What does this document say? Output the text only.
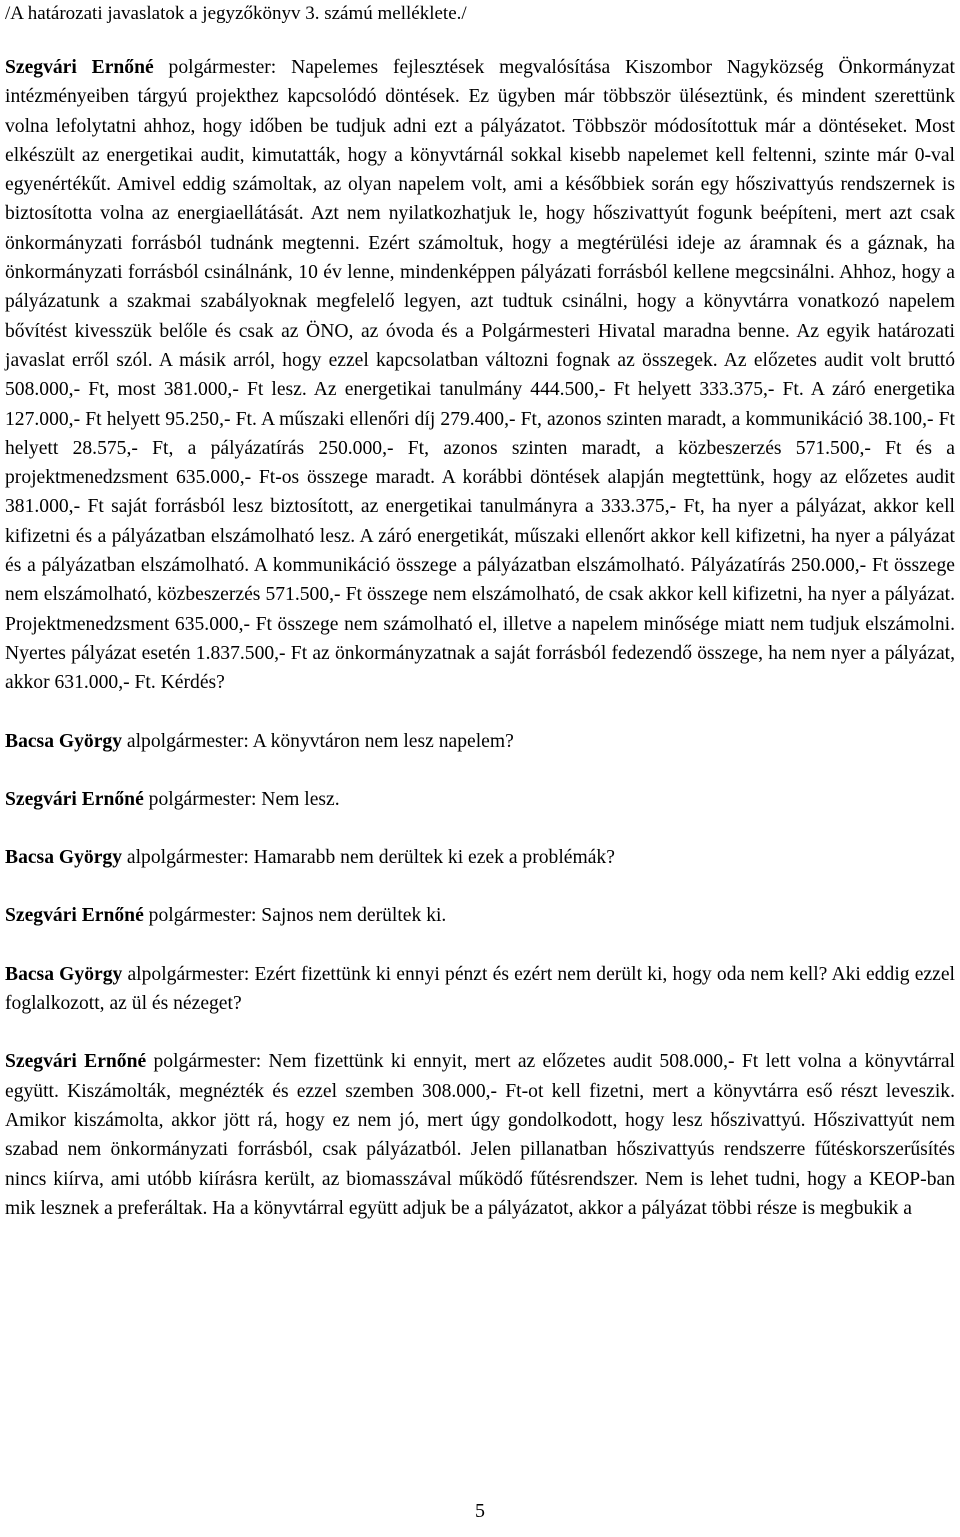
/A határozati javaslatok a jegyzőkönyv 3. számú melléklete./

Szegvári Ernőné polgármester: Napelemes fejlesztések megvalósítása Kiszombor Nagyközség Önkormányzat intézményeiben tárgyú projekthez kapcsolódó döntések. Ez ügyben már többször üléseztünk, és mindent szerettünk volna lefolytatni ahhoz, hogy időben be tudjuk adni ezt a pályázatot. Többször módosítottuk már a döntéseket. Most elkészült az energetikai audit, kimutatták, hogy a könyvtárnál sokkal kisebb napelemet kell feltenni, szinte már 0-val egyenértékűt. Amivel eddig számoltak, az olyan napelem volt, ami a későbbiek során egy hőszivattyús rendszernek is biztosította volna az energiaellátását. Azt nem nyilatkozhatjuk le, hogy hőszivattyút fogunk beépíteni, mert azt csak önkormányzati forrásból tudnánk megtenni. Ezért számoltuk, hogy a megtérülési ideje az áramnak és a gáznak, ha önkormányzati forrásból csinálnánk, 10 év lenne, mindenképpen pályázati forrásból kellene megcsinálni. Ahhoz, hogy a pályázatunk a szakmai szabályoknak megfelelő legyen, azt tudtuk csinálni, hogy a könyvtárra vonatkozó napelem bővítést kivesszük belőle és csak az ÖNO, az óvoda és a Polgármesteri Hivatal maradna benne. Az egyik határozati javaslat erről szól. A másik arról, hogy ezzel kapcsolatban változni fognak az összegek. Az előzetes audit volt bruttó 508.000,- Ft, most 381.000,- Ft lesz. Az energetikai tanulmány 444.500,- Ft helyett 333.375,- Ft. A záró energetika 127.000,- Ft helyett 95.250,- Ft. A műszaki ellenőri díj 279.400,- Ft, azonos szinten maradt, a kommunikáció 38.100,- Ft helyett 28.575,- Ft, a pályázatírás 250.000,- Ft, azonos szinten maradt, a közbeszerzés 571.500,- Ft és a projektmenedzsment 635.000,- Ft-os összege maradt. A korábbi döntések alapján megtettünk, hogy az előzetes audit 381.000,- Ft saját forrásból lesz biztosított, az energetikai tanulmányra a 333.375,- Ft, ha nyer a pályázat, akkor kell kifizetni és a pályázatban elszámolható lesz. A záró energetikát, műszaki ellenőrt akkor kell kifizetni, ha nyer a pályázat és a pályázatban elszámolható. A kommunikáció összege a pályázatban elszámolható. Pályázatírás 250.000,- Ft összege nem elszámolható, közbeszerzés 571.500,- Ft összege nem elszámolható, de csak akkor kell kifizetni, ha nyer a pályázat. Projektmenedzsment 635.000,- Ft összege nem számolható el, illetve a napelem minősége miatt nem tudjuk elszámolni. Nyertes pályázat esetén 1.837.500,- Ft az önkormányzatnak a saját forrásból fedezendő összege, ha nem nyer a pályázat, akkor 631.000,- Ft. Kérdés?

Bacsa György alpolgármester: A könyvtáron nem lesz napelem?

Szegvári Ernőné polgármester: Nem lesz.

Bacsa György alpolgármester: Hamarabb nem derültek ki ezek a problémák?

Szegvári Ernőné polgármester: Sajnos nem derültek ki.

Bacsa György alpolgármester: Ezért fizettünk ki ennyi pénzt és ezért nem derült ki, hogy oda nem kell? Aki eddig ezzel foglalkozott, az ül és nézeget?

Szegvári Ernőné polgármester: Nem fizettünk ki ennyit, mert az előzetes audit 508.000,- Ft lett volna a könyvtárral együtt. Kiszámolták, megnézték és ezzel szemben 308.000,- Ft-ot kell fizetni, mert a könyvtárra eső részt leveszik. Amikor kiszámolta, akkor jött rá, hogy ez nem jó, mert úgy gondolkodott, hogy lesz hőszivattyú. Hőszivattyút nem szabad nem önkormányzati forrásból, csak pályázatból. Jelen pillanatban hőszivattyús rendszerre fűtéskorszerűsítés nincs kiírva, ami utóbb kiírásra került, az biomasszával működő fűtésrendszer. Nem is lehet tudni, hogy a KEOP-ban mik lesznek a preferáltak. Ha a könyvtárral együtt adjuk be a pályázatot, akkor a pályázat többi része is megbukik a

5
